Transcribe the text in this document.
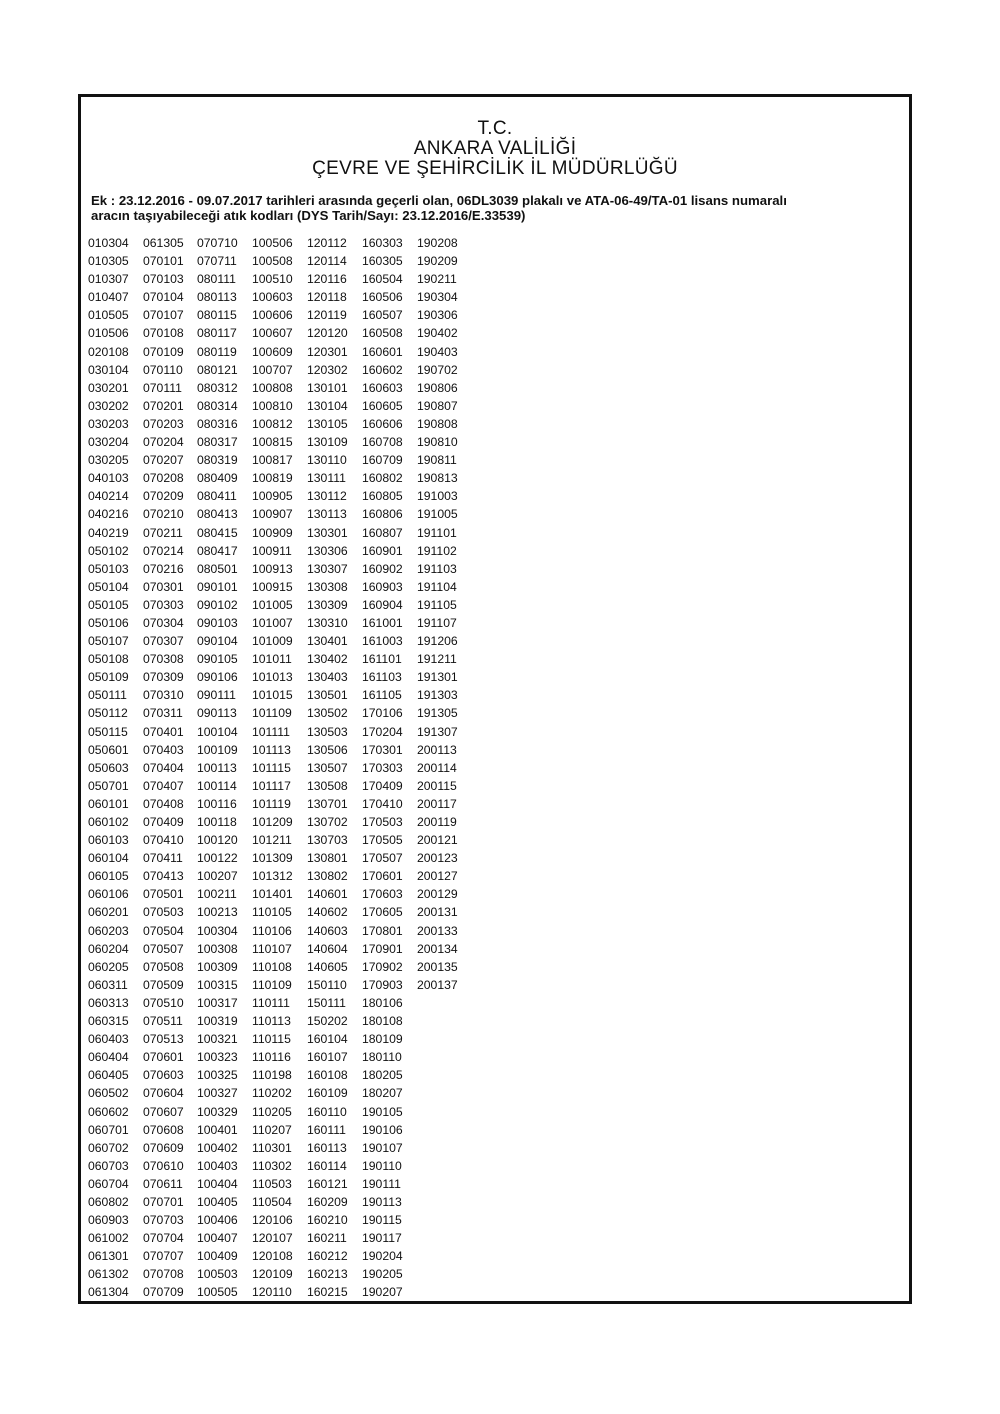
T.C.
ANKARA VALİLİĞİ
ÇEVRE VE ŞEHİRCİLİK İL MÜDÜRLÜĞÜ
Ek : 23.12.2016 - 09.07.2017 tarihleri arasında geçerli olan, 06DL3039 plakalı ve ATA-06-49/TA-01 lisans numaralı
aracın taşıyabileceği atık kodları (DYS Tarih/Sayı: 23.12.2016/E.33539)
010304
010305
010307
010407
010505
010506
020108
030104
030201
030202
030203
030204
030205
040103
040214
040216
040219
050102
050103
050104
050105
050106
050107
050108
050109
050111
050112
050115
050601
050603
050701
060101
060102
060103
060104
060105
060106
060201
060203
060204
060205
060311
060313
060315
060403
060404
060405
060502
060602
060701
060702
060703
060704
060802
060903
061002
061301
061302
061304
061305
070101
070103
070104
070107
070108
070109
070110
070111
070201
070203
070204
070207
070208
070209
070210
070211
070214
070216
070301
070303
070304
070307
070308
070309
070310
070311
070401
070403
070404
070407
070408
070409
070410
070411
070413
070501
070503
070504
070507
070508
070509
070510
070511
070513
070601
070603
070604
070607
070608
070609
070610
070611
070701
070703
070704
070707
070708
070709
070710
070711
080111
080113
080115
080117
080119
080121
080312
080314
080316
080317
080319
080409
080411
080413
080415
080417
080501
090101
090102
090103
090104
090105
090106
090111
090113
100104
100109
100113
100114
100116
100118
100120
100122
100207
100211
100213
100304
100308
100309
100315
100317
100319
100321
100323
100325
100327
100329
100401
100402
100403
100404
100405
100406
100407
100409
100503
100505
100506
100508
100510
100603
100606
100607
100609
100707
100808
100810
100812
100815
100817
100819
100905
100907
100909
100911
100913
100915
101005
101007
101009
101011
101013
101015
101109
101111
101113
101115
101117
101119
101209
101211
101309
101312
101401
110105
110106
110107
110108
110109
110111
110113
110115
110116
110198
110202
110205
110207
110301
110302
110503
110504
120106
120107
120108
120109
120110
120112
120114
120116
120118
120119
120120
120301
120302
130101
130104
130105
130109
130110
130111
130112
130113
130301
130306
130307
130308
130309
130310
130401
130402
130403
130501
130502
130503
130506
130507
130508
130701
130702
130703
130801
130802
140601
140602
140603
140604
140605
150110
150111
150202
160104
160107
160108
160109
160110
160111
160113
160114
160121
160209
160210
160211
160212
160213
160215
160303
160305
160504
160506
160507
160508
160601
160602
160603
160605
160606
160708
160709
160802
160805
160806
160807
160901
160902
160903
160904
161001
161003
161101
161103
161105
170106
170204
170301
170303
170409
170410
170503
170505
170507
170601
170603
170605
170801
170901
170902
170903
180106
180108
180109
180110
180205
180207
190105
190106
190107
190110
190111
190113
190115
190117
190204
190205
190207
190208
190209
190211
190304
190306
190402
190403
190702
190806
190807
190808
190810
190811
190813
191003
191005
191101
191102
191103
191104
191105
191107
191206
191211
191301
191303
191305
191307
200113
200114
200115
200117
200119
200121
200123
200127
200129
200131
200133
200134
200135
200137
